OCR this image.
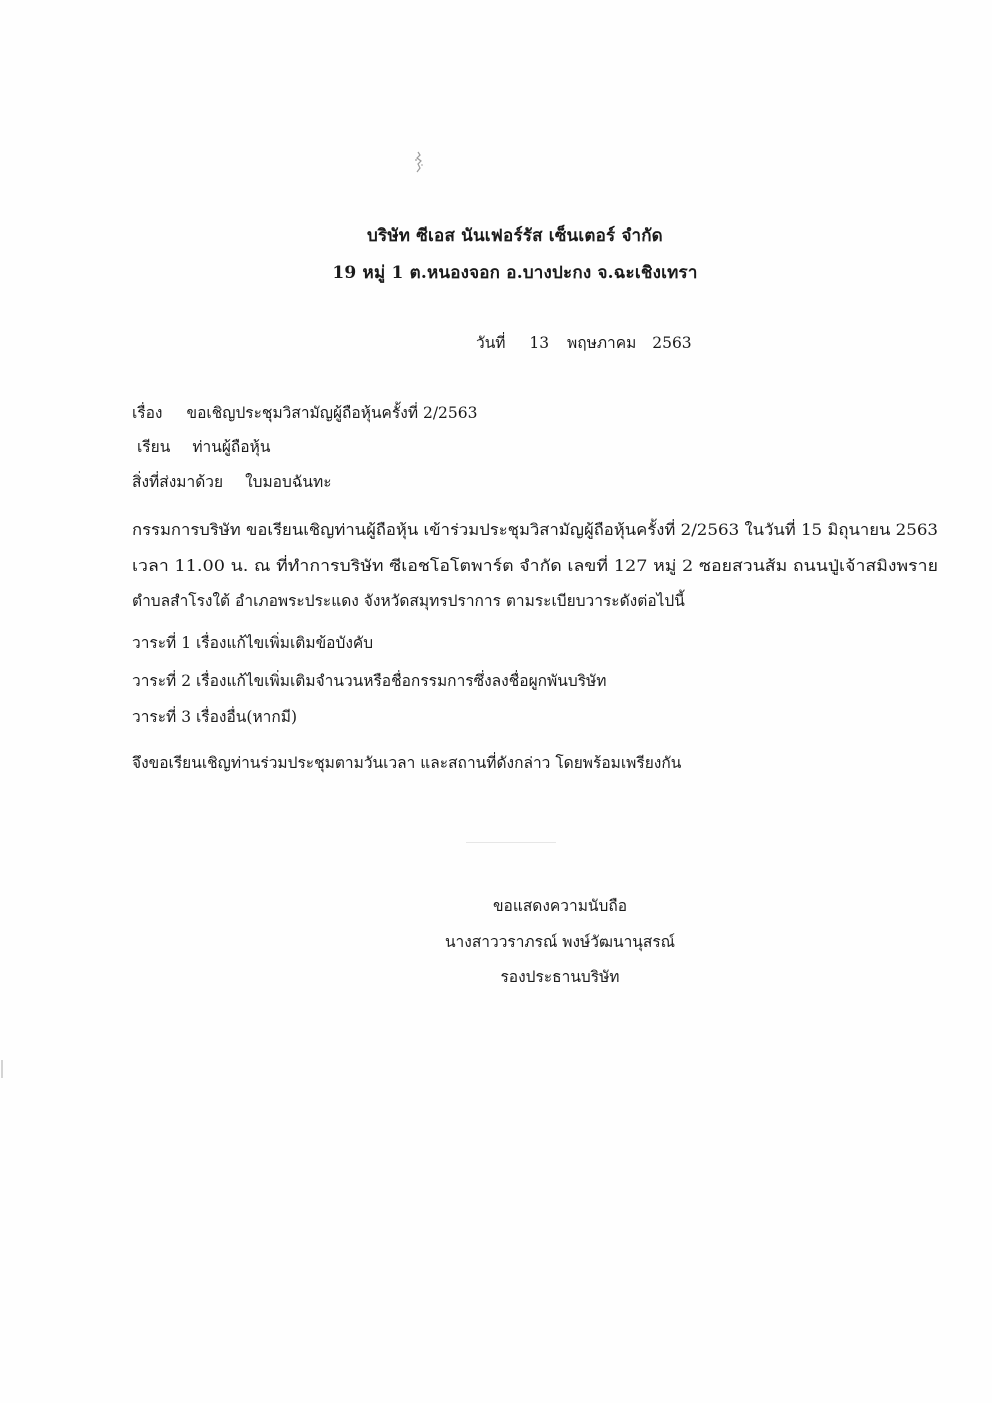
บริษัท ซีเอส นันเฟอร์รัส เซ็นเตอร์ จำกัด
19 หมู่ 1 ต.หนองจอก อ.บางปะกง จ.ฉะเชิงเทรา
วันที่ 13 พฤษภาคม 2563
เรื่อง ขอเชิญประชุมวิสามัญผู้ถือหุ้นครั้งที่ 2/2563
เรียน ท่านผู้ถือหุ้น
สิ่งที่ส่งมาด้วย ใบมอบฉันทะ
กรรมการบริษัท ขอเรียนเชิญท่านผู้ถือหุ้น เข้าร่วมประชุมวิสามัญผู้ถือหุ้นครั้งที่ 2/2563 ในวันที่ 15 มิถุนายน 2563
เวลา 11.00 น. ณ ที่ทำการบริษัท ซีเอชโอโตพาร์ต จำกัด เลขที่ 127 หมู่ 2 ซอยสวนส้ม ถนนปู่เจ้าสมิงพราย
ตำบลสำโรงใต้ อำเภอพระประแดง จังหวัดสมุทรปราการ ตามระเบียบวาระดังต่อไปนี้
วาระที่ 1 เรื่องแก้ไขเพิ่มเติมข้อบังคับ
วาระที่ 2 เรื่องแก้ไขเพิ่มเติมจำนวนหรือชื่อกรรมการซึ่งลงชื่อผูกพันบริษัท
วาระที่ 3 เรื่องอื่น(หากมี)
จึงขอเรียนเชิญท่านร่วมประชุมตามวันเวลา และสถานที่ดังกล่าว โดยพร้อมเพรียงกัน
ขอแสดงความนับถือ
นางสาววราภรณ์ พงษ์วัฒนานุสรณ์
รองประธานบริษัท
